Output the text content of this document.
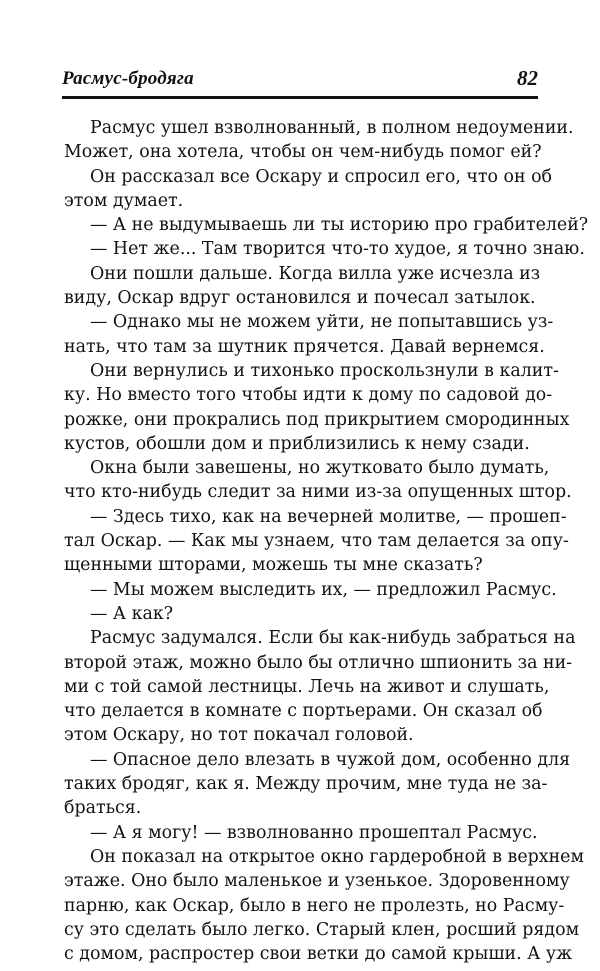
Расмус-бродяга	82
Расмус ушел взволнованный, в полном недоумении.
Может, она хотела, чтобы он чем-нибудь помог ей?
Он рассказал все Оскару и спросил его, что он об
этом думает.
— А не выдумываешь ли ты историю про грабителей?
— Нет же... Там творится что-то худое, я точно знаю.
Они пошли дальше. Когда вилла уже исчезла из
виду, Оскар вдруг остановился и почесал затылок.
— Однако мы не можем уйти, не попытавшись уз-
нать, что там за шутник прячется. Давай вернемся.
Они вернулись и тихонько проскользнули в калит-
ку. Но вместо того чтобы идти к дому по садовой до-
рожке, они прокрались под прикрытием смородинных
кустов, обошли дом и приблизились к нему сзади.
Окна были завешены, но жутковато было думать,
что кто-нибудь следит за ними из-за опущенных штор.
— Здесь тихо, как на вечерней молитве, — прошеп-
тал Оскар. — Как мы узнаем, что там делается за опу-
щенными шторами, можешь ты мне сказать?
— Мы можем выследить их, — предложил Расмус.
— А как?
Расмус задумался. Если бы как-нибудь забраться на
второй этаж, можно было бы отлично шпионить за ни-
ми с той самой лестницы. Лечь на живот и слушать,
что делается в комнате с портьерами. Он сказал об
этом Оскару, но тот покачал головой.
— Опасное дело влезать в чужой дом, особенно для
таких бродяг, как я. Между прочим, мне туда не за-
браться.
— А я могу! — взволнованно прошептал Расмус.
Он показал на открытое окно гардеробной в верхнем
этаже. Оно было маленькое и узенькое. Здоровенному
парню, как Оскар, было в него не пролезть, но Расму-
су это сделать было легко. Старый клен, росший рядом
с домом, распростер свои ветки до самой крыши. А уж
